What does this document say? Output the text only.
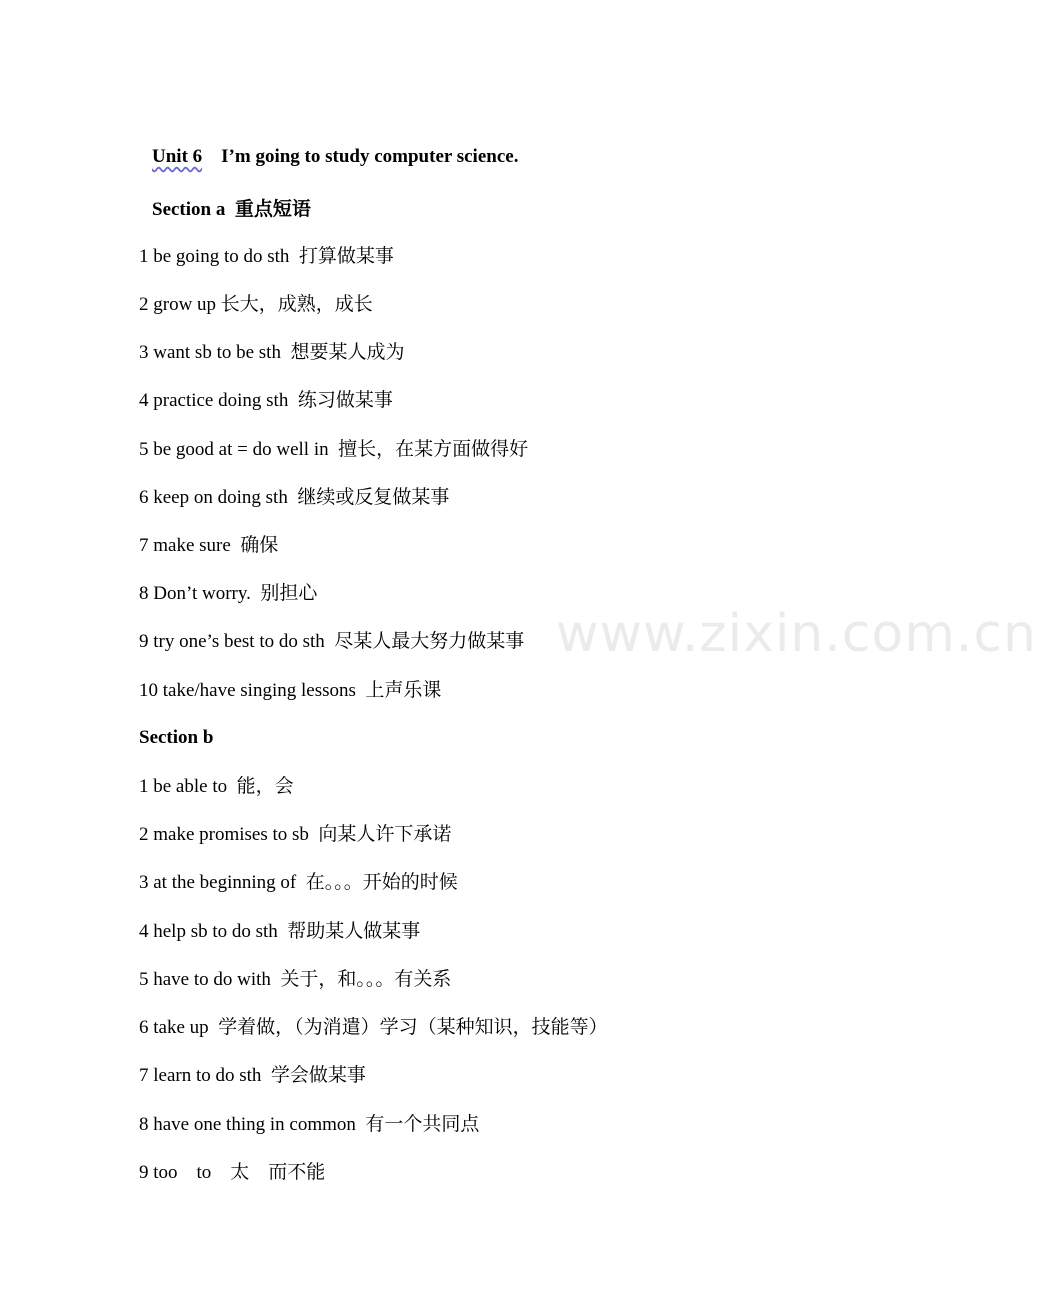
Unit 6 I’m going to study computer science.
Section a  重点短语
1 be going to do sth  打算做某事
2 grow up 长大，成熟，成长
3 want sb to be sth  想要某人成为
4 practice doing sth  练习做某事
5 be good at = do well in  擅长，在某方面做得好
6 keep on doing sth  继续或反复做某事
7 make sure  确保
8 Don’t worry.  别担心
9 try one’s best to do sth  尽某人最大努力做某事
10 take/have singing lessons  上声乐课
Section b
1 be able to  能，会
2 make promises to sb  向某人许下承诺
3 at the beginning of  在。。。开始的时候
4 help sb to do sth  帮助某人做某事
5 have to do with  关于，和。。。有关系
6 take up  学着做，（为消遣）学习（某种知识，技能等）
7 learn to do sth  学会做某事
8 have one thing in common  有一个共同点
9 too    to    太    而不能
www.zixin.com.cn
